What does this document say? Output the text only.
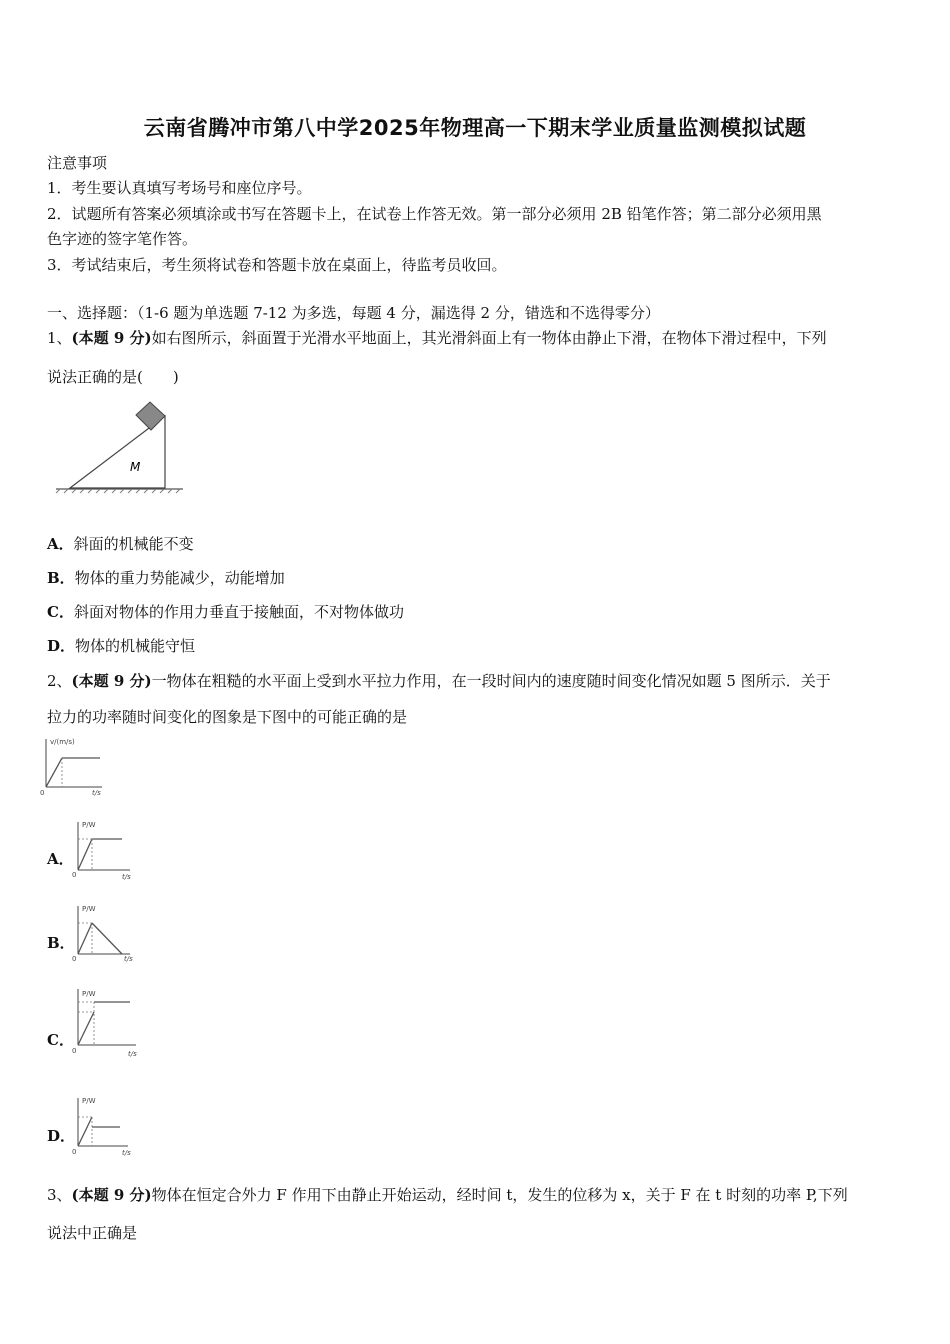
云南省腾冲市第八中学2025年物理高一下期末学业质量监测模拟试题
注意事项
1．考生要认真填写考场号和座位序号。
2．试题所有答案必须填涂或书写在答题卡上，在试卷上作答无效。第一部分必须用 2B 铅笔作答；第二部分必须用黑
色字迹的签字笔作答。
3．考试结束后，考生须将试卷和答题卡放在桌面上，待监考员收回。
一、选择题：（1-6 题为单选题 7-12 为多选，每题 4 分，漏选得 2 分，错选和不选得零分）
1、(本题 9 分)如右图所示，斜面置于光滑水平地面上，其光滑斜面上有一物体由静止下滑，在物体下滑过程中，下列
说法正确的是(　　)
M
A．斜面的机械能不变
B．物体的重力势能减少，动能增加
C．斜面对物体的作用力垂直于接触面，不对物体做功
D．物体的机械能守恒
2、(本题 9 分)一物体在粗糙的水平面上受到水平拉力作用，在一段时间内的速度随时间变化情况如题 5 图所示．关于
拉力的功率随时间变化的图象是下图中的可能正确的是
v/(m/s)
t/s
0
A．
P/W
t/s
0
B．
P/W
t/s
0
C．
P/W
t/s
0
D．
P/W
t/s
0
3、(本题 9 分)物体在恒定合外力 F 作用下由静止开始运动，经时间 t，发生的位移为 x，关于 F 在 t 时刻的功率 P,下列
说法中正确是
